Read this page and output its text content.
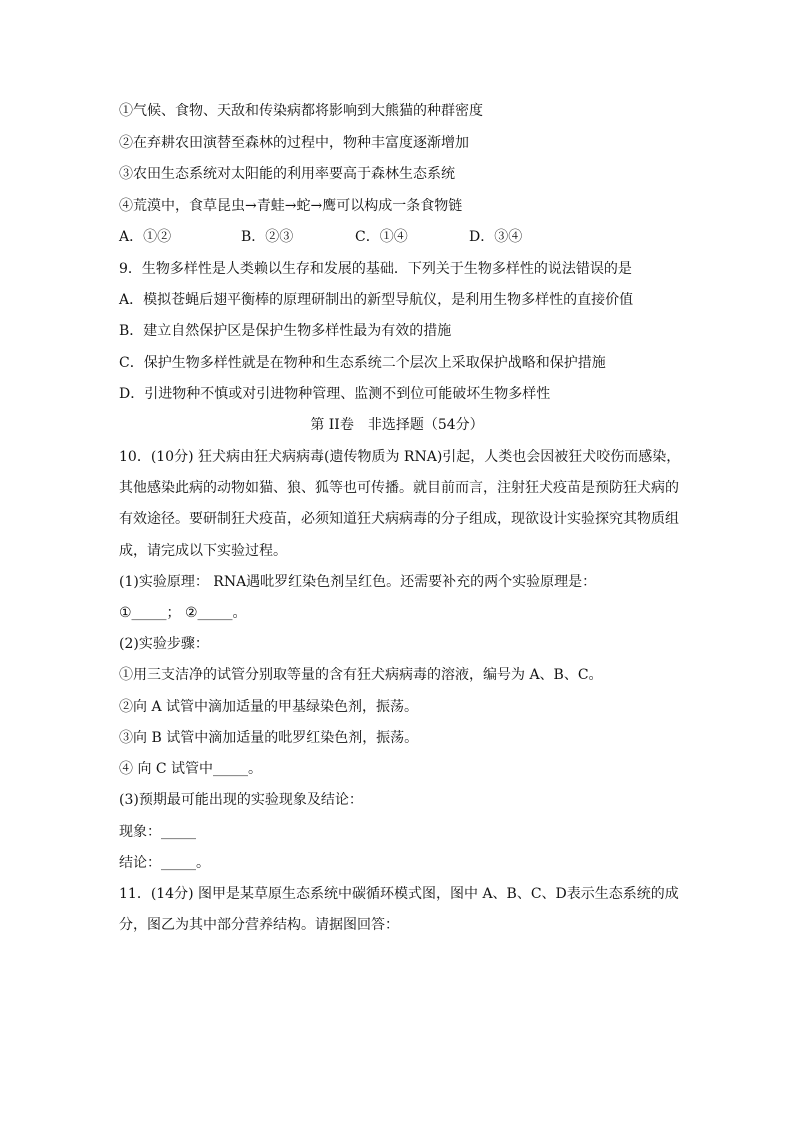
①气候、食物、天敌和传染病都将影响到大熊猫的种群密度
②在弃耕农田演替至森林的过程中，物种丰富度逐渐增加
③农田生态系统对太阳能的利用率要高于森林生态系统
④荒漠中，食草昆虫→青蛙→蛇→鹰可以构成一条食物链
A．①②	B．②③	C．①④	D．③④
9．生物多样性是人类赖以生存和发展的基础．下列关于生物多样性的说法错误的是
A．模拟苍蝇后翅平衡棒的原理研制出的新型导航仪，是利用生物多样性的直接价值
B．建立自然保护区是保护生物多样性最为有效的措施
C．保护生物多样性就是在物种和生态系统二个层次上采取保护战略和保护措施
D．引进物种不慎或对引进物种管理、监测不到位可能破坏生物多样性
第 II卷　非选择题（54分）
10．(10分) 狂犬病由狂犬病病毒(遗传物质为 RNA)引起，人类也会因被狂犬咬伤而感染，
其他感染此病的动物如猫、狼、狐等也可传播。就目前而言，注射狂犬疫苗是预防狂犬病的
有效途径。要研制狂犬疫苗，必须知道狂犬病病毒的分子组成，现欲设计实验探究其物质组
成，请完成以下实验过程。
(1)实验原理： RNA遇吡罗红染色剂呈红色。还需要补充的两个实验原理是：
①_____； ②_____。
(2)实验步骤：
①用三支洁净的试管分别取等量的含有狂犬病病毒的溶液，编号为 A、B、C。
②向 A 试管中滴加适量的甲基绿染色剂，振荡。
③向 B 试管中滴加适量的吡罗红染色剂，振荡。
④ 向 C 试管中_____。
(3)预期最可能出现的实验现象及结论：
现象：_____
结论：_____。
11．(14分) 图甲是某草原生态系统中碳循环模式图，图中 A、B、C、D表示生态系统的成
分，图乙为其中部分营养结构。请据图回答：
